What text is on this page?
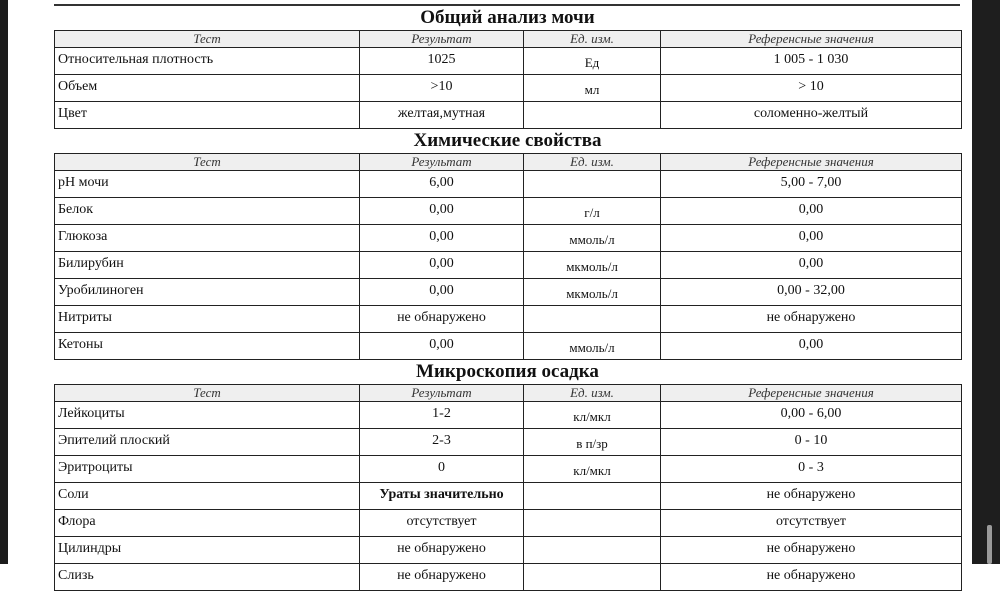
Общий анализ мочи
Тест	Результат	Ед. изм.	Референсные значения
Относительная плотность	1025	Ед	1 005 - 1 030
Объем	>10	мл	> 10
Цвет	желтая,мутная		соломенно-желтый
Химические свойства
Тест	Результат	Ед. изм.	Референсные значения
pH мочи	6,00		5,00 - 7,00
Белок	0,00	г/л	0,00
Глюкоза	0,00	ммоль/л	0,00
Билирубин	0,00	мкмоль/л	0,00
Уробилиноген	0,00	мкмоль/л	0,00 - 32,00
Нитриты	не обнаружено		не обнаружено
Кетоны	0,00	ммоль/л	0,00
Микроскопия осадка
Тест	Результат	Ед. изм.	Референсные значения
Лейкоциты	1-2	кл/мкл	0,00 - 6,00
Эпителий плоский	2-3	в п/зр	0 - 10
Эритроциты	0	кл/мкл	0 - 3
Соли	Ураты значительно		не обнаружено
Флора	отсутствует		отсутствует
Цилиндры	не обнаружено		не обнаружено
Слизь	не обнаружено		не обнаружено
